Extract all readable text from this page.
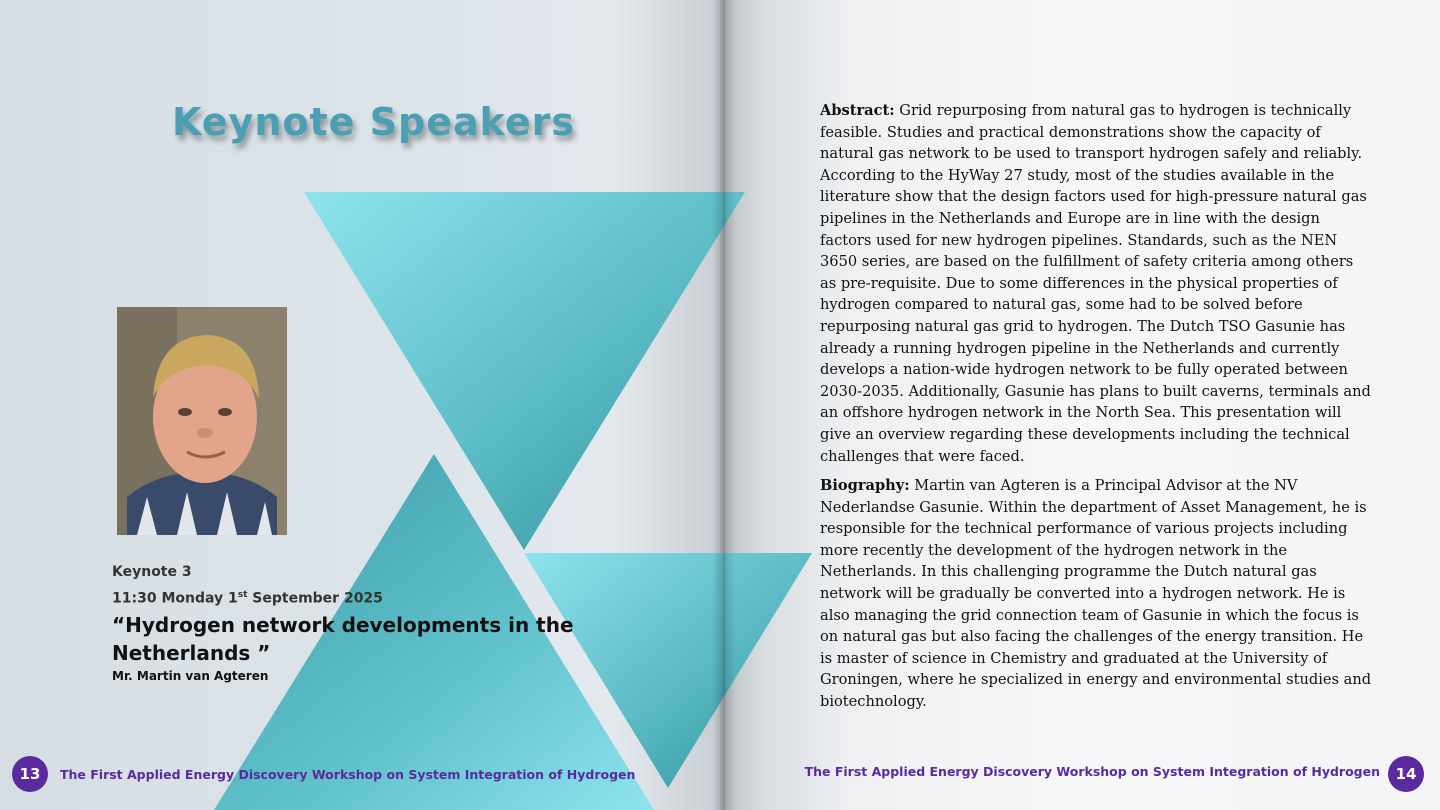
Keynote Speakers

Keynote 3

11:30 Monday 1st September 2025

“Hydrogen network developments in the Netherlands ”

Mr. Martin van Agteren

Abstract: Grid repurposing from natural gas to hydrogen is technically feasible. Studies and practical demonstrations show the capacity of natural gas network to be used to transport hydrogen safely and reliably. According to the HyWay 27 study, most of the studies available in the literature show that the design factors used for high-pressure natural gas pipelines in the Netherlands and Europe are in line with the design factors used for new hydrogen pipelines. Standards, such as the NEN 3650 series, are based on the fulfillment of safety criteria among others as pre-requisite. Due to some differences in the physical properties of hydrogen compared to natural gas, some had to be solved before repurposing natural gas grid to hydrogen. The Dutch TSO Gasunie has already a running hydrogen pipeline in the Netherlands and currently develops a nation-wide hydrogen network to be fully operated between 2030-2035. Additionally, Gasunie has plans to built caverns, terminals and an offshore hydrogen network in the North Sea. This presentation will give an overview regarding these developments including the technical challenges that were faced.

Biography: Martin van Agteren is a Principal Advisor at the NV Nederlandse Gasunie. Within the department of Asset Management, he is responsible for the technical performance of various projects including more recently the development of the hydrogen network in the Netherlands. In this challenging programme the Dutch natural gas network will be gradually be converted into a hydrogen network. He is also managing the grid connection team of Gasunie in which the focus is on natural gas but also facing the challenges of the energy transition. He is master of science in Chemistry and graduated at the University of Groningen, where he specialized in energy and environmental studies and biotechnology.

13	The First Applied Energy Discovery Workshop on System Integration of Hydrogen	The First Applied Energy Discovery Workshop on System Integration of Hydrogen	14
